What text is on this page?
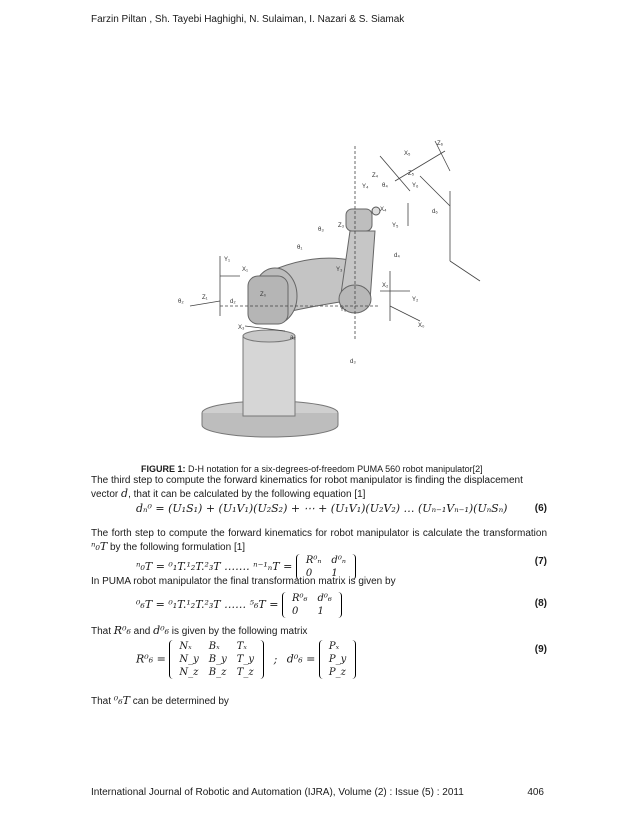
Farzin Piltan , Sh. Tayebi Haghighi, N. Sulaiman, I. Nazari & S. Siamak
Z₀
X₃
Y₁
X₁
Z₁
θ₁
θ₂
θ₃
d₂
a₂
Y₃
Z₃
Y₆
X₂
Y₂
X₀
d₄
Y₅
X₄
Y₄
Z₄
θ₄
Z₅
X₅
Z₆
Y₆
d₆
d₃
FIGURE 1: D-H notation for a six-degrees-of-freedom PUMA 560 robot manipulator[2]
The third step to compute the forward kinematics for robot manipulator is finding the displacement vector d, that it can be calculated by the following equation [1]
dₙ⁰ = (U₁S₁) + (U₁V₁)(U₂S₂) + ⋯ + (U₁V₁)(U₂V₂) … (Uₙ₋₁Vₙ₋₁)(UₙSₙ)	(6)
The forth step to compute the forward kinematics for robot manipulator is calculate the transformation ⁿ₀T by the following formulation [1]
ⁿ₀T = ⁰₁T.¹₂T.²₃T ……. ⁿ⁻¹ₙT = R⁰ₙ	d⁰ₙ
0	1
(7)
In PUMA robot manipulator the final transformation matrix is given by
⁰₆T = ⁰₁T.¹₂T.²₃T …… ⁵₆T = R⁰₆	d⁰₆
0	1
(8)
That R⁰₆ and d⁰₆ is given by the following matrix
R⁰₆ =
Nₓ	Bₓ	Tₓ
N_y	B_y	T_y
N_z	B_z	T_z
; d⁰₆ =
Pₓ
P_y
P_z
(9)
That ⁰₆T can be determined by
International Journal of Robotic and Automation (IJRA), Volume (2) : Issue (5) : 2011	406
